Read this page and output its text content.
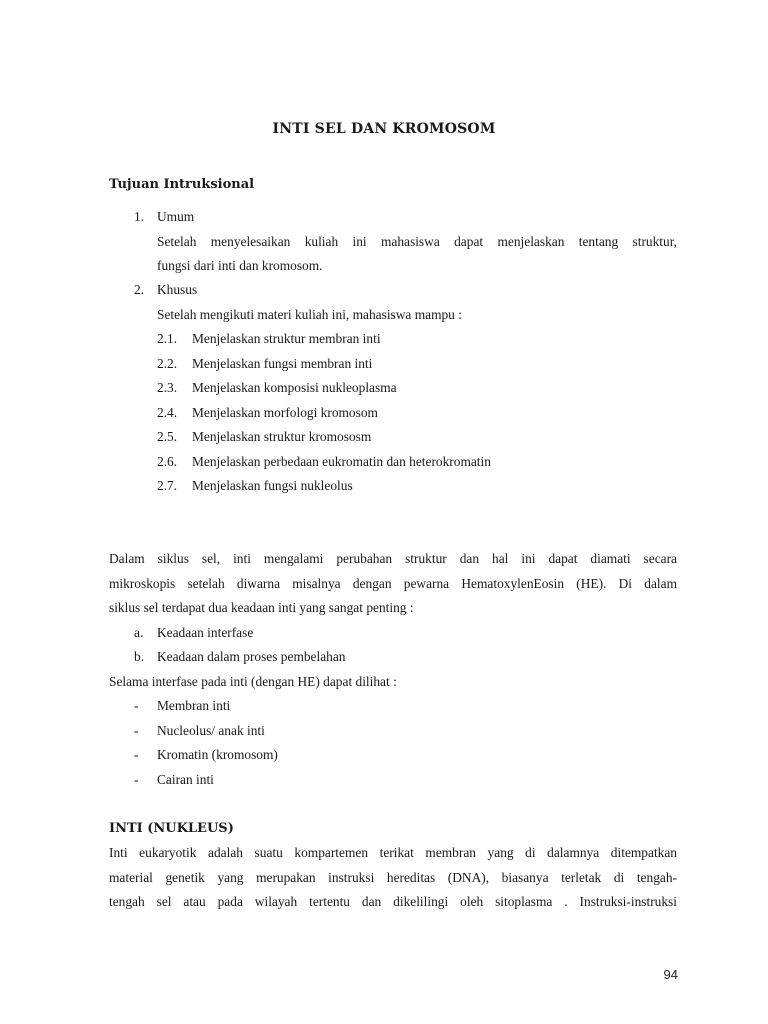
INTI SEL DAN KROMOSOM
Tujuan Intruksional
1. Umum
Setelah menyelesaikan kuliah ini mahasiswa dapat menjelaskan tentang struktur,
fungsi dari inti dan kromosom.
2. Khusus
Setelah mengikuti materi kuliah ini, mahasiswa mampu :
2.1. Menjelaskan struktur membran inti
2.2. Menjelaskan fungsi membran inti
2.3. Menjelaskan komposisi nukleoplasma
2.4. Menjelaskan morfologi kromosom
2.5. Menjelaskan struktur kromososm
2.6. Menjelaskan perbedaan eukromatin dan heterokromatin
2.7. Menjelaskan fungsi nukleolus
Dalam siklus sel, inti mengalami perubahan struktur dan hal ini dapat diamati secara
mikroskopis setelah diwarna misalnya dengan pewarna HematoxylenEosin (HE). Di dalam
siklus sel terdapat dua keadaan inti yang sangat penting :
a. Keadaan interfase
b. Keadaan dalam proses pembelahan
Selama interfase pada inti (dengan HE) dapat dilihat :
- Membran inti
- Nucleolus/ anak inti
- Kromatin (kromosom)
- Cairan inti
INTI (NUKLEUS)
Inti eukaryotik adalah suatu kompartemen terikat membran yang di dalamnya ditempatkan
material genetik yang merupakan instruksi hereditas (DNA), biasanya terletak di tengah-
tengah sel atau pada wilayah tertentu dan dikelilingi oleh sitoplasma . Instruksi-instruksi
94
